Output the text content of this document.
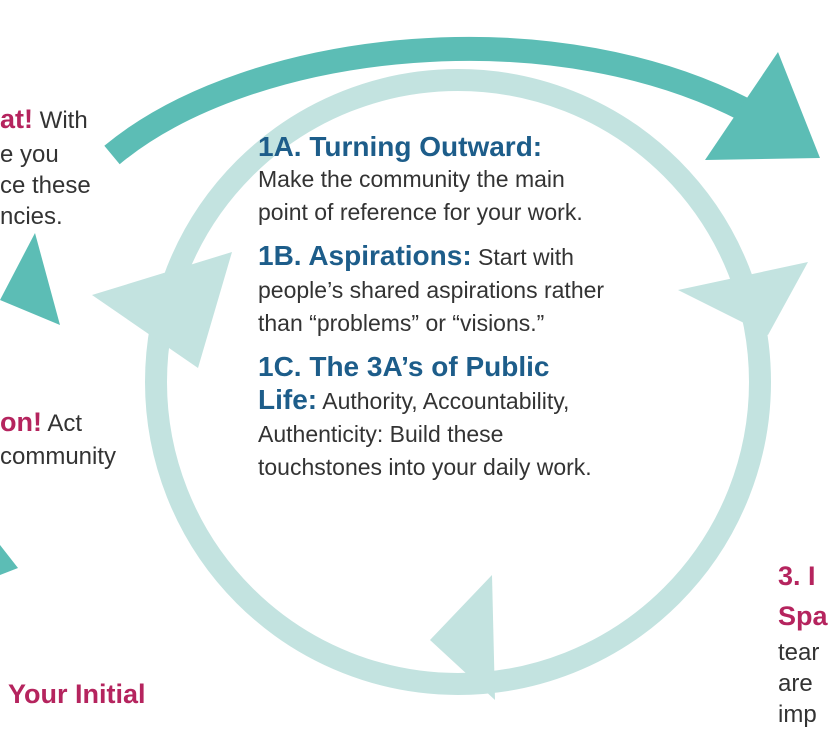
at! With
e you
ce these
ncies.
on! Act
community
Your Initial
3. I
Spa
tear
are
imp
1A. Turning Outward:
Make the community the main
point of reference for your work.
1B. Aspirations: Start with
people’s shared aspirations rather
than “problems” or “visions.”
1C. The 3A’s of Public
Life: Authority, Accountability,
Authenticity: Build these
touchstones into your daily work.
